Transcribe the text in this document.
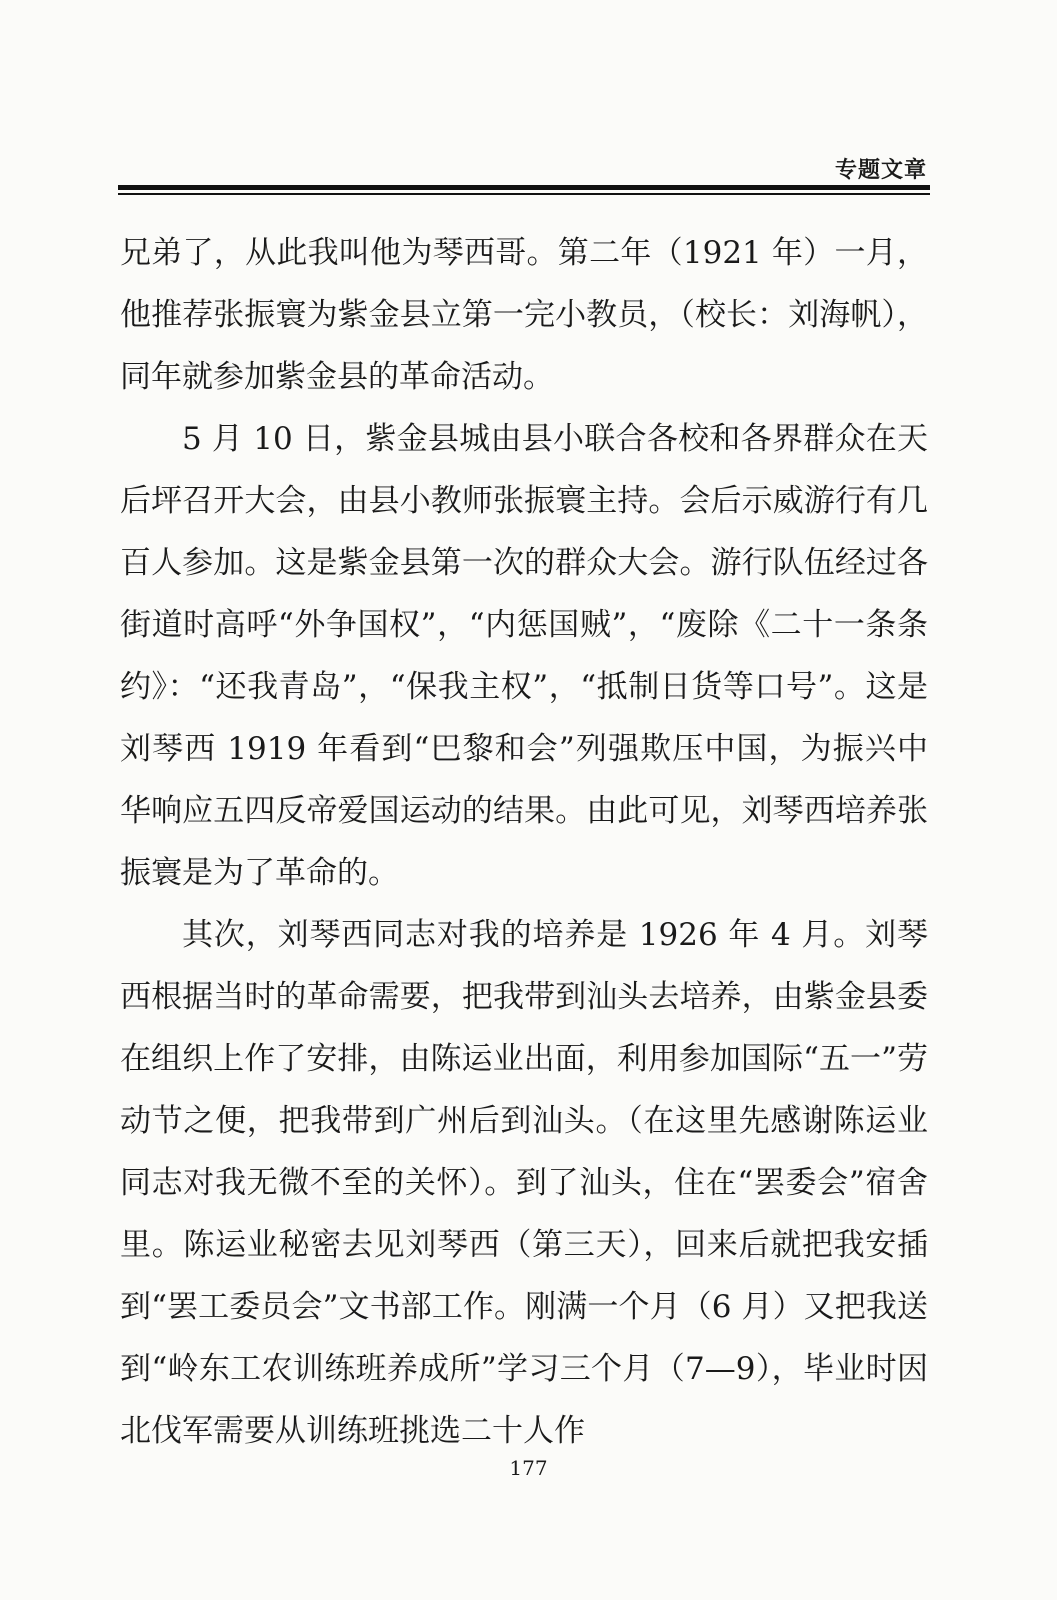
专题文章

兄弟了，从此我叫他为琴西哥。第二年（1921 年）一月，他推荐张振寰为紫金县立第一完小教员，（校长：刘海帆），同年就参加紫金县的革命活动。

5 月 10 日，紫金县城由县小联合各校和各界群众在天后坪召开大会，由县小教师张振寰主持。会后示威游行有几百人参加。这是紫金县第一次的群众大会。游行队伍经过各街道时高呼“外争国权”，“内惩国贼”，“废除《二十一条条约》：“还我青岛”，“保我主权”，“抵制日货等口号”。这是刘琴西 1919 年看到“巴黎和会”列强欺压中国，为振兴中华响应五四反帝爱国运动的结果。由此可见，刘琴西培养张振寰是为了革命的。

其次，刘琴西同志对我的培养是 1926 年 4 月。刘琴西根据当时的革命需要，把我带到汕头去培养，由紫金县委在组织上作了安排，由陈运业出面，利用参加国际“五一”劳动节之便，把我带到广州后到汕头。（在这里先感谢陈运业同志对我无微不至的关怀）。到了汕头，住在“罢委会”宿舍里。陈运业秘密去见刘琴西（第三天），回来后就把我安插到“罢工委员会”文书部工作。刚满一个月（6 月）又把我送到“岭东工农训练班养成所”学习三个月（7—9），毕业时因北伐军需要从训练班挑选二十人作

177
